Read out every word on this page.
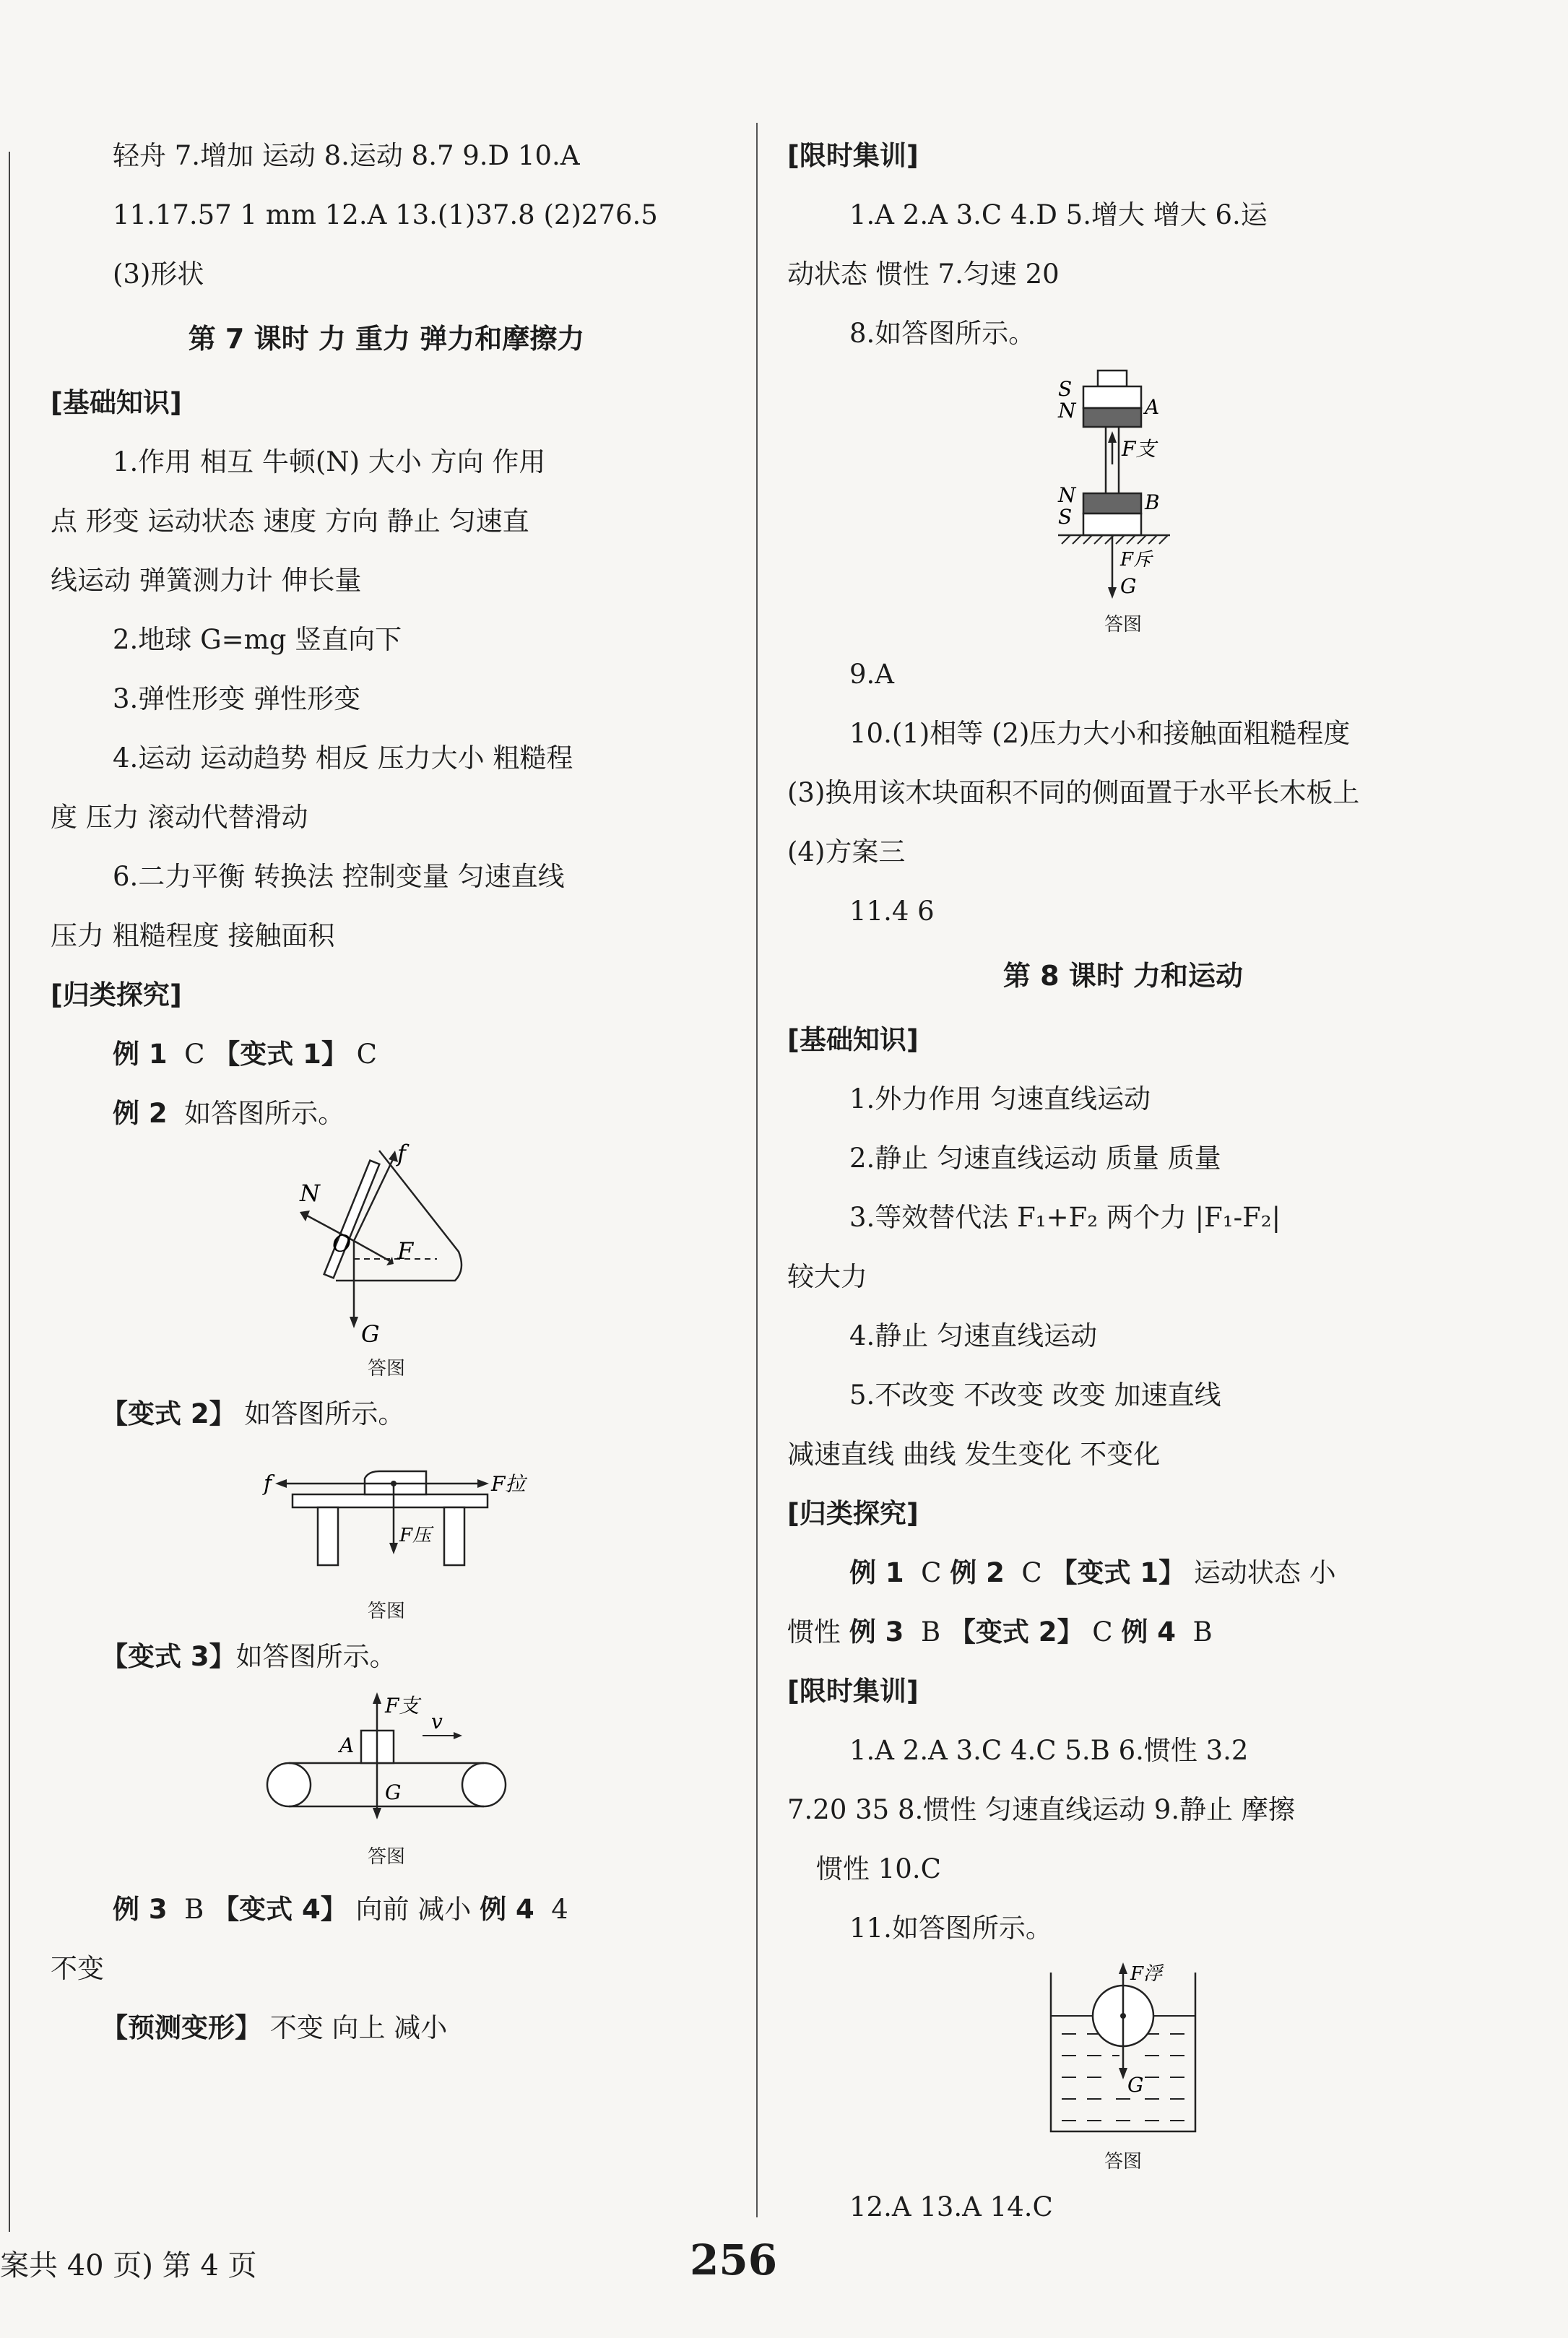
轻舟 7.增加 运动 8.运动 8.7 9.D 10.A
11.17.57 1 mm 12.A 13.(1)37.8 (2)276.5
(3)形状
第 7 课时 力 重力 弹力和摩擦力
[基础知识]
1.作用 相互 牛顿(N) 大小 方向 作用
点 形变 运动状态 速度 方向 静止 匀速直
线运动 弹簧测力计 伸长量
2.地球 G=mg 竖直向下
3.弹性形变 弹性形变
4.运动 运动趋势 相反 压力大小 粗糙程
度 压力 滚动代替滑动
6.二力平衡 转换法 控制变量 匀速直线
压力 粗糙程度 接触面积
[归类探究]
例 1 C 【变式 1】 C
例 2 如答图所示。
N
f
O F
G
答图
【变式 2】 如答图所示。
f	F拉
F压
答图
【变式 3】如答图所示。
F支
A
v
G
答图
例 3 B 【变式 4】 向前 减小 例 4 4
不变
【预测变形】 不变 向上 减小
[限时集训]
1.A 2.A 3.C 4.D 5.增大 增大 6.运
动状态 惯性 7.匀速 20
8.如答图所示。
S
N	A
F支
N
S
B
F斥
G
答图
9.A
10.(1)相等 (2)压力大小和接触面粗糙程度
(3)换用该木块面积不同的侧面置于水平长木板上
(4)方案三
11.4 6
第 8 课时 力和运动
[基础知识]
1.外力作用 匀速直线运动
2.静止 匀速直线运动 质量 质量
3.等效替代法 F₁+F₂ 两个力 |F₁-F₂|
较大力
4.静止 匀速直线运动
5.不改变 不改变 改变 加速直线
减速直线 曲线 发生变化 不变化
[归类探究]
例 1 C 例 2 C 【变式 1】 运动状态 小
惯性 例 3 B 【变式 2】 C 例 4 B
[限时集训]
1.A 2.A 3.C 4.C 5.B 6.惯性 3.2
7.20 35 8.惯性 匀速直线运动 9.静止 摩擦
惯性 10.C
11.如答图所示。
F浮
G
答图
12.A 13.A 14.C
案共 40 页) 第 4 页	256
